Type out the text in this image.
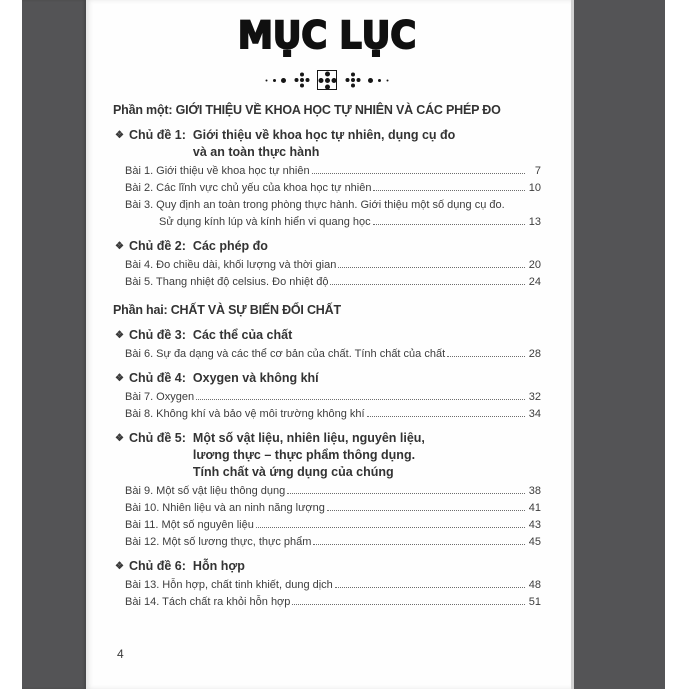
MỤC LỤC
Phần một: GIỚI THIỆU VỀ KHOA HỌC TỰ NHIÊN VÀ CÁC PHÉP ĐO
❖ Chủ đề 1: Giới thiệu về khoa học tự nhiên, dụng cụ đo
và an toàn thực hành
Bài 1. Giới thiệu về khoa học tự nhiên	7
Bài 2. Các lĩnh vực chủ yếu của khoa học tự nhiên	10
Bài 3. Quy định an toàn trong phòng thực hành. Giới thiệu một số dụng cụ đo.
Sử dụng kính lúp và kính hiển vi quang học	13
❖ Chủ đề 2: Các phép đo
Bài 4. Đo chiều dài, khối lượng và thời gian	20
Bài 5. Thang nhiệt độ celsius. Đo nhiệt độ	24
Phần hai: CHẤT VÀ SỰ BIẾN ĐỔI CHẤT
❖ Chủ đề 3: Các thể của chất
Bài 6. Sự đa dạng và các thể cơ bản của chất. Tính chất của chất	28
❖ Chủ đề 4: Oxygen và không khí
Bài 7. Oxygen	32
Bài 8. Không khí và bảo vệ môi trường không khí	34
❖ Chủ đề 5: Một số vật liệu, nhiên liệu, nguyên liệu,
lương thực – thực phẩm thông dụng.
Tính chất và ứng dụng của chúng
Bài 9. Một số vật liệu thông dụng	38
Bài 10. Nhiên liệu và an ninh năng lượng	41
Bài 11. Một số nguyên liệu	43
Bài 12. Một số lương thực, thực phẩm	45
❖ Chủ đề 6: Hỗn hợp
Bài 13. Hỗn hợp, chất tinh khiết, dung dịch	48
Bài 14. Tách chất ra khỏi hỗn hợp	51
4
